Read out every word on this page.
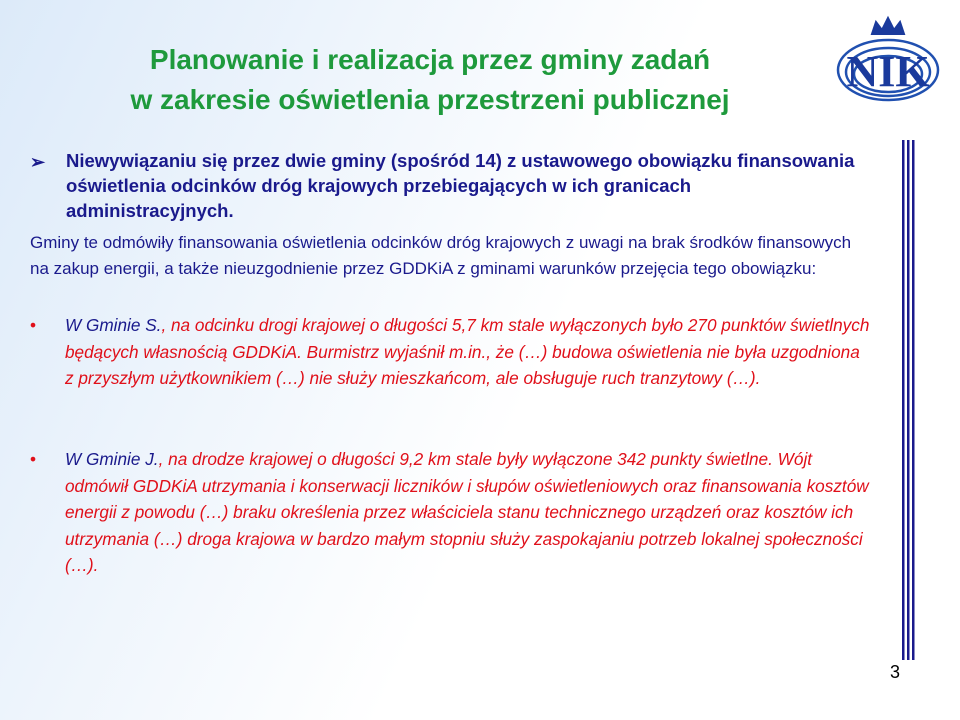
Planowanie i realizacja przez gminy zadań
w zakresie oświetlenia przestrzeni publicznej
NIK
➢ Niewywiązaniu się przez dwie gminy (spośród 14) z ustawowego obowiązku finansowania oświetlenia odcinków dróg krajowych przebiegających w ich granicach administracyjnych.
Gminy te odmówiły finansowania oświetlenia odcinków dróg krajowych z uwagi na brak środków finansowych na zakup energii, a także nieuzgodnienie przez GDDKiA z gminami warunków przejęcia tego obowiązku:
• W Gminie S., na odcinku drogi krajowej o długości 5,7 km stale wyłączonych było 270 punktów świetlnych będących własnością GDDKiA. Burmistrz wyjaśnił m.in., że (…) budowa oświetlenia nie była uzgodniona z przyszłym użytkownikiem (…) nie służy mieszkańcom, ale obsługuje ruch tranzytowy (…).
• W Gminie J., na drodze krajowej o długości 9,2 km stale były wyłączone 342 punkty świetlne. Wójt odmówił GDDKiA utrzymania i konserwacji liczników i słupów oświetleniowych oraz finansowania kosztów energii z powodu (…) braku określenia przez właściciela stanu technicznego urządzeń oraz kosztów ich utrzymania (…) droga krajowa w bardzo małym stopniu służy zaspokajaniu potrzeb lokalnej społeczności (…).
3
